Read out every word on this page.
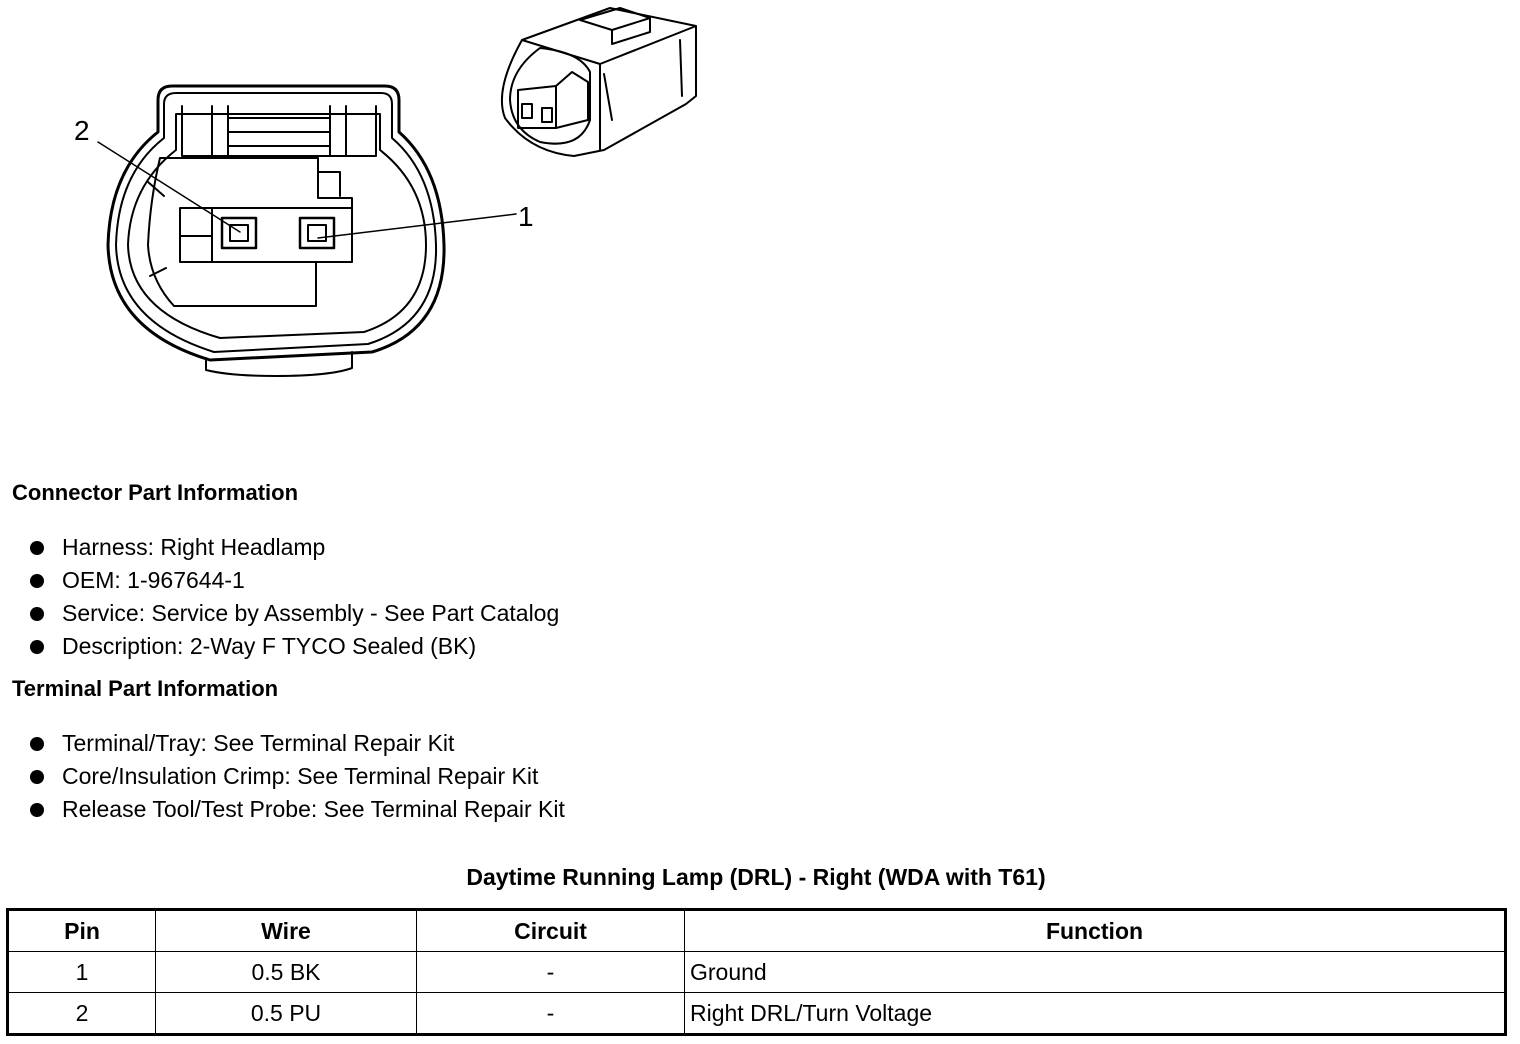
2
1
Connector Part Information
Harness: Right Headlamp
OEM: 1-967644-1
Service: Service by Assembly - See Part Catalog
Description: 2-Way F TYCO Sealed (BK)
Terminal Part Information
Terminal/Tray: See Terminal Repair Kit
Core/Insulation Crimp: See Terminal Repair Kit
Release Tool/Test Probe: See Terminal Repair Kit
Daytime Running Lamp (DRL) - Right (WDA with T61)
Pin	Wire	Circuit	Function
1	0.5 BK	-	Ground
2	0.5 PU	-	Right DRL/Turn Voltage
